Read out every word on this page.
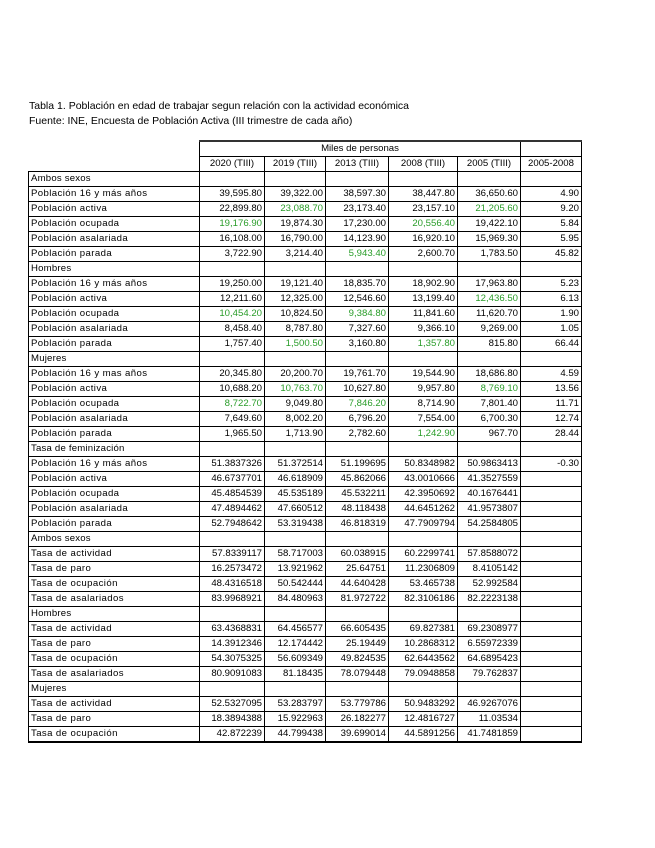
Tabla 1. Población en edad de trabajar segun relación con la actividad económica
Fuente: INE, Encuesta de Población Activa (III trimestre de cada año)
	Miles de personas					
	2020 (TIII)	2019 (TIII)	2013 (TIII)	2008 (TIII)	2005 (TIII)	2005-2008
Ambos sexos						
Población 16 y más años	39,595.80	39,322.00	38,597.30	38,447.80	36,650.60	4.90
Población activa	22,899.80	23,088.70	23,173.40	23,157.10	21,205.60	9.20
Población ocupada	19,176.90	19,874.30	17,230.00	20,556.40	19,422.10	5.84
Población asalariada	16,108.00	16,790.00	14,123.90	16,920.10	15,969.30	5.95
Población parada	3,722.90	3,214.40	5,943.40	2,600.70	1,783.50	45.82
Hombres						
Población 16 y más años	19,250.00	19,121.40	18,835.70	18,902.90	17,963.80	5.23
Población activa	12,211.60	12,325.00	12,546.60	13,199.40	12,436.50	6.13
Población ocupada	10,454.20	10,824.50	9,384.80	11,841.60	11,620.70	1.90
Población asalariada	8,458.40	8,787.80	7,327.60	9,366.10	9,269.00	1.05
Población parada	1,757.40	1,500.50	3,160.80	1,357.80	815.80	66.44
Mujeres						
Población 16 y mas años	20,345.80	20,200.70	19,761.70	19,544.90	18,686.80	4.59
Población activa	10,688.20	10,763.70	10,627.80	9,957.80	8,769.10	13.56
Población ocupada	8,722.70	9,049.80	7,846.20	8,714.90	7,801.40	11.71
Población asalariada	7,649.60	8,002.20	6,796.20	7,554.00	6,700.30	12.74
Población parada	1,965.50	1,713.90	2,782.60	1,242.90	967.70	28.44
Tasa de feminización						
Población 16 y más años	51.3837326	51.372514	51.199695	50.8348982	50.9863413	-0.30
Población activa	46.6737701	46.618909	45.862066	43.0010666	41.3527559	
Población ocupada	45.4854539	45.535189	45.532211	42.3950692	40.1676441	
Población asalariada	47.4894462	47.660512	48.118438	44.6451262	41.9573807	
Población parada	52.7948642	53.319438	46.818319	47.7909794	54.2584805	
Ambos sexos						
Tasa de actividad	57.8339117	58.717003	60.038915	60.2299741	57.8588072	
Tasa de paro	16.2573472	13.921962	25.64751	11.2306809	8.4105142	
Tasa de ocupación	48.4316518	50.542444	44.640428	53.465738	52.992584	
Tasa de asalariados	83.9968921	84.480963	81.972722	82.3106186	82.2223138	
Hombres						
Tasa de actividad	63.4368831	64.456577	66.605435	69.827381	69.2308977	
Tasa de paro	14.3912346	12.174442	25.19449	10.2868312	6.55972339	
Tasa de ocupación	54.3075325	56.609349	49.824535	62.6443562	64.6895423	
Tasa de asalariados	80.9091083	81.18435	78.079448	79.0948858	79.762837	
Mujeres						
Tasa de actividad	52.5327095	53.283797	53.779786	50.9483292	46.9267076	
Tasa de paro	18.3894388	15.922963	26.182277	12.4816727	11.03534	
Tasa de ocupación	42.872239	44.799438	39.699014	44.5891256	41.7481859	
